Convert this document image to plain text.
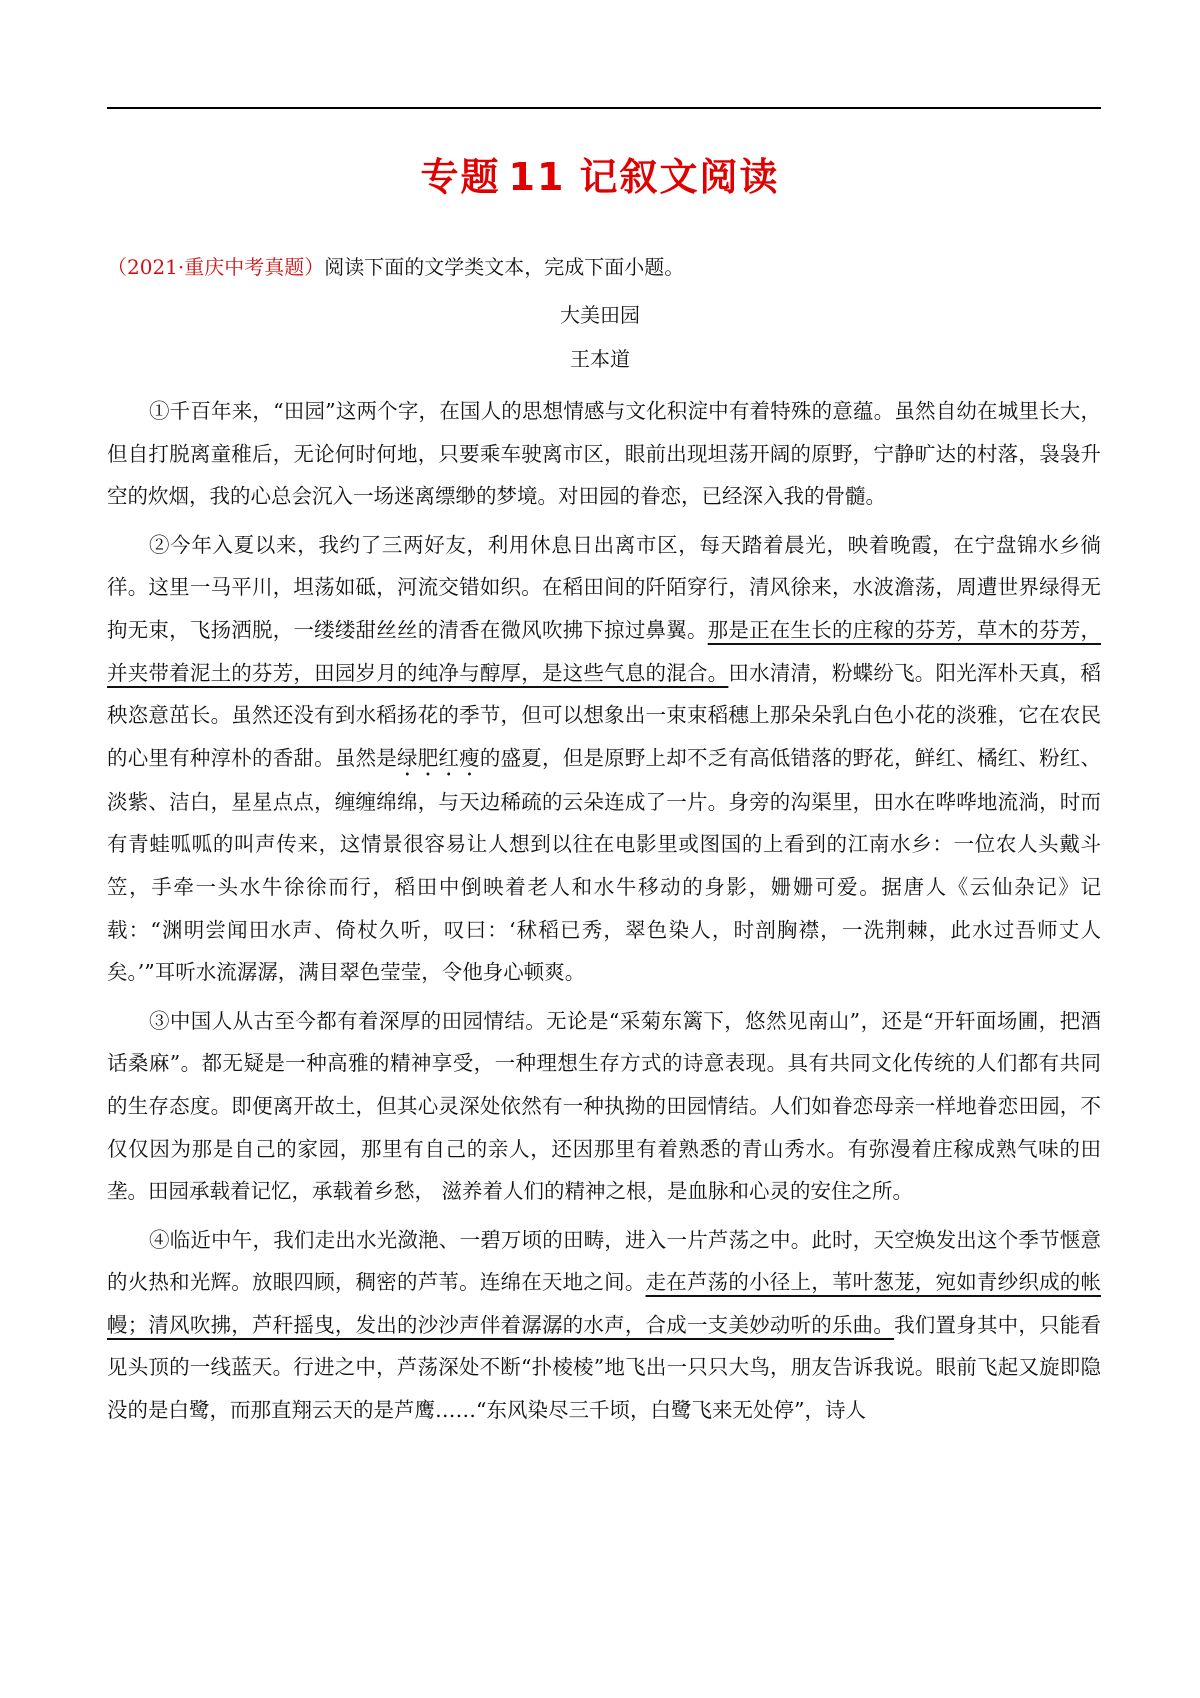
专题 11 记叙文阅读
（2021·重庆中考真题）阅读下面的文学类文本，完成下面小题。
大美田园
王本道

①千百年来，“田园”这两个字，在国人的思想情感与文化积淀中有着特殊的意蕴。虽然自幼在城里长大，但自打脱离童稚后，无论何时何地，只要乘车驶离市区，眼前出现坦荡开阔的原野，宁静旷达的村落，袅袅升空的炊烟，我的心总会沉入一场迷离缥缈的梦境。对田园的眷恋，已经深入我的骨髓。

②今年入夏以来，我约了三两好友，利用休息日出离市区，每天踏着晨光，映着晚霞，在宁盘锦水乡徜徉。这里一马平川，坦荡如砥，河流交错如织。在稻田间的阡陌穿行，清风徐来，水波澹荡，周遭世界绿得无拘无束，飞扬洒脱，一缕缕甜丝丝的清香在微风吹拂下掠过鼻翼。那是正在生长的庄稼的芬芳，草木的芬芳，并夹带着泥土的芬芳，田园岁月的纯净与醇厚，是这些气息的混合。田水清清，粉蝶纷飞。阳光浑朴天真，稻秧恣意茁长。虽然还没有到水稻扬花的季节，但可以想象出一束束稻穗上那朵朵乳白色小花的淡雅，它在农民的心里有种淳朴的香甜。虽然是绿肥红瘦的盛夏，但是原野上却不乏有高低错落的野花，鲜红、橘红、粉红、淡紫、洁白，星星点点，缠缠绵绵，与天边稀疏的云朵连成了一片。身旁的沟渠里，田水在哗哗地流淌，时而有青蛙呱呱的叫声传来，这情景很容易让人想到以往在电影里或图国的上看到的江南水乡：一位农人头戴斗笠，手牵一头水牛徐徐而行，稻田中倒映着老人和水牛移动的身影，姗姗可爱。据唐人《云仙杂记》记载：“渊明尝闻田水声、倚杖久听，叹曰：‘秫稻已秀，翠色染人，时剖胸襟，一洗荆棘，此水过吾师丈人矣。’”耳听水流潺潺，满目翠色莹莹，令他身心顿爽。

③中国人从古至今都有着深厚的田园情结。无论是“采菊东篱下，悠然见南山”，还是“开轩面场圃，把酒话桑麻”。都无疑是一种高雅的精神享受，一种理想生存方式的诗意表现。具有共同文化传统的人们都有共同的生存态度。即便离开故土，但其心灵深处依然有一种执拗的田园情结。人们如眷恋母亲一样地眷恋田园，不仅仅因为那是自己的家园，那里有自己的亲人，还因那里有着熟悉的青山秀水。有弥漫着庄稼成熟气味的田垄。田园承载着记忆，承载着乡愁， 滋养着人们的精神之根，是血脉和心灵的安住之所。

④临近中午，我们走出水光潋滟、一碧万顷的田畴，进入一片芦荡之中。此时，天空焕发出这个季节惬意的火热和光辉。放眼四顾，稠密的芦苇。连绵在天地之间。走在芦荡的小径上，苇叶葱茏，宛如青纱织成的帐幔；清风吹拂，芦秆摇曳，发出的沙沙声伴着潺潺的水声，合成一支美妙动听的乐曲。我们置身其中，只能看见头顶的一线蓝天。行进之中，芦荡深处不断“扑棱棱”地飞出一只只大鸟，朋友告诉我说。眼前飞起又旋即隐没的是白鹭，而那直翔云天的是芦鹰……“东风染尽三千顷，白鹭飞来无处停”，诗人
